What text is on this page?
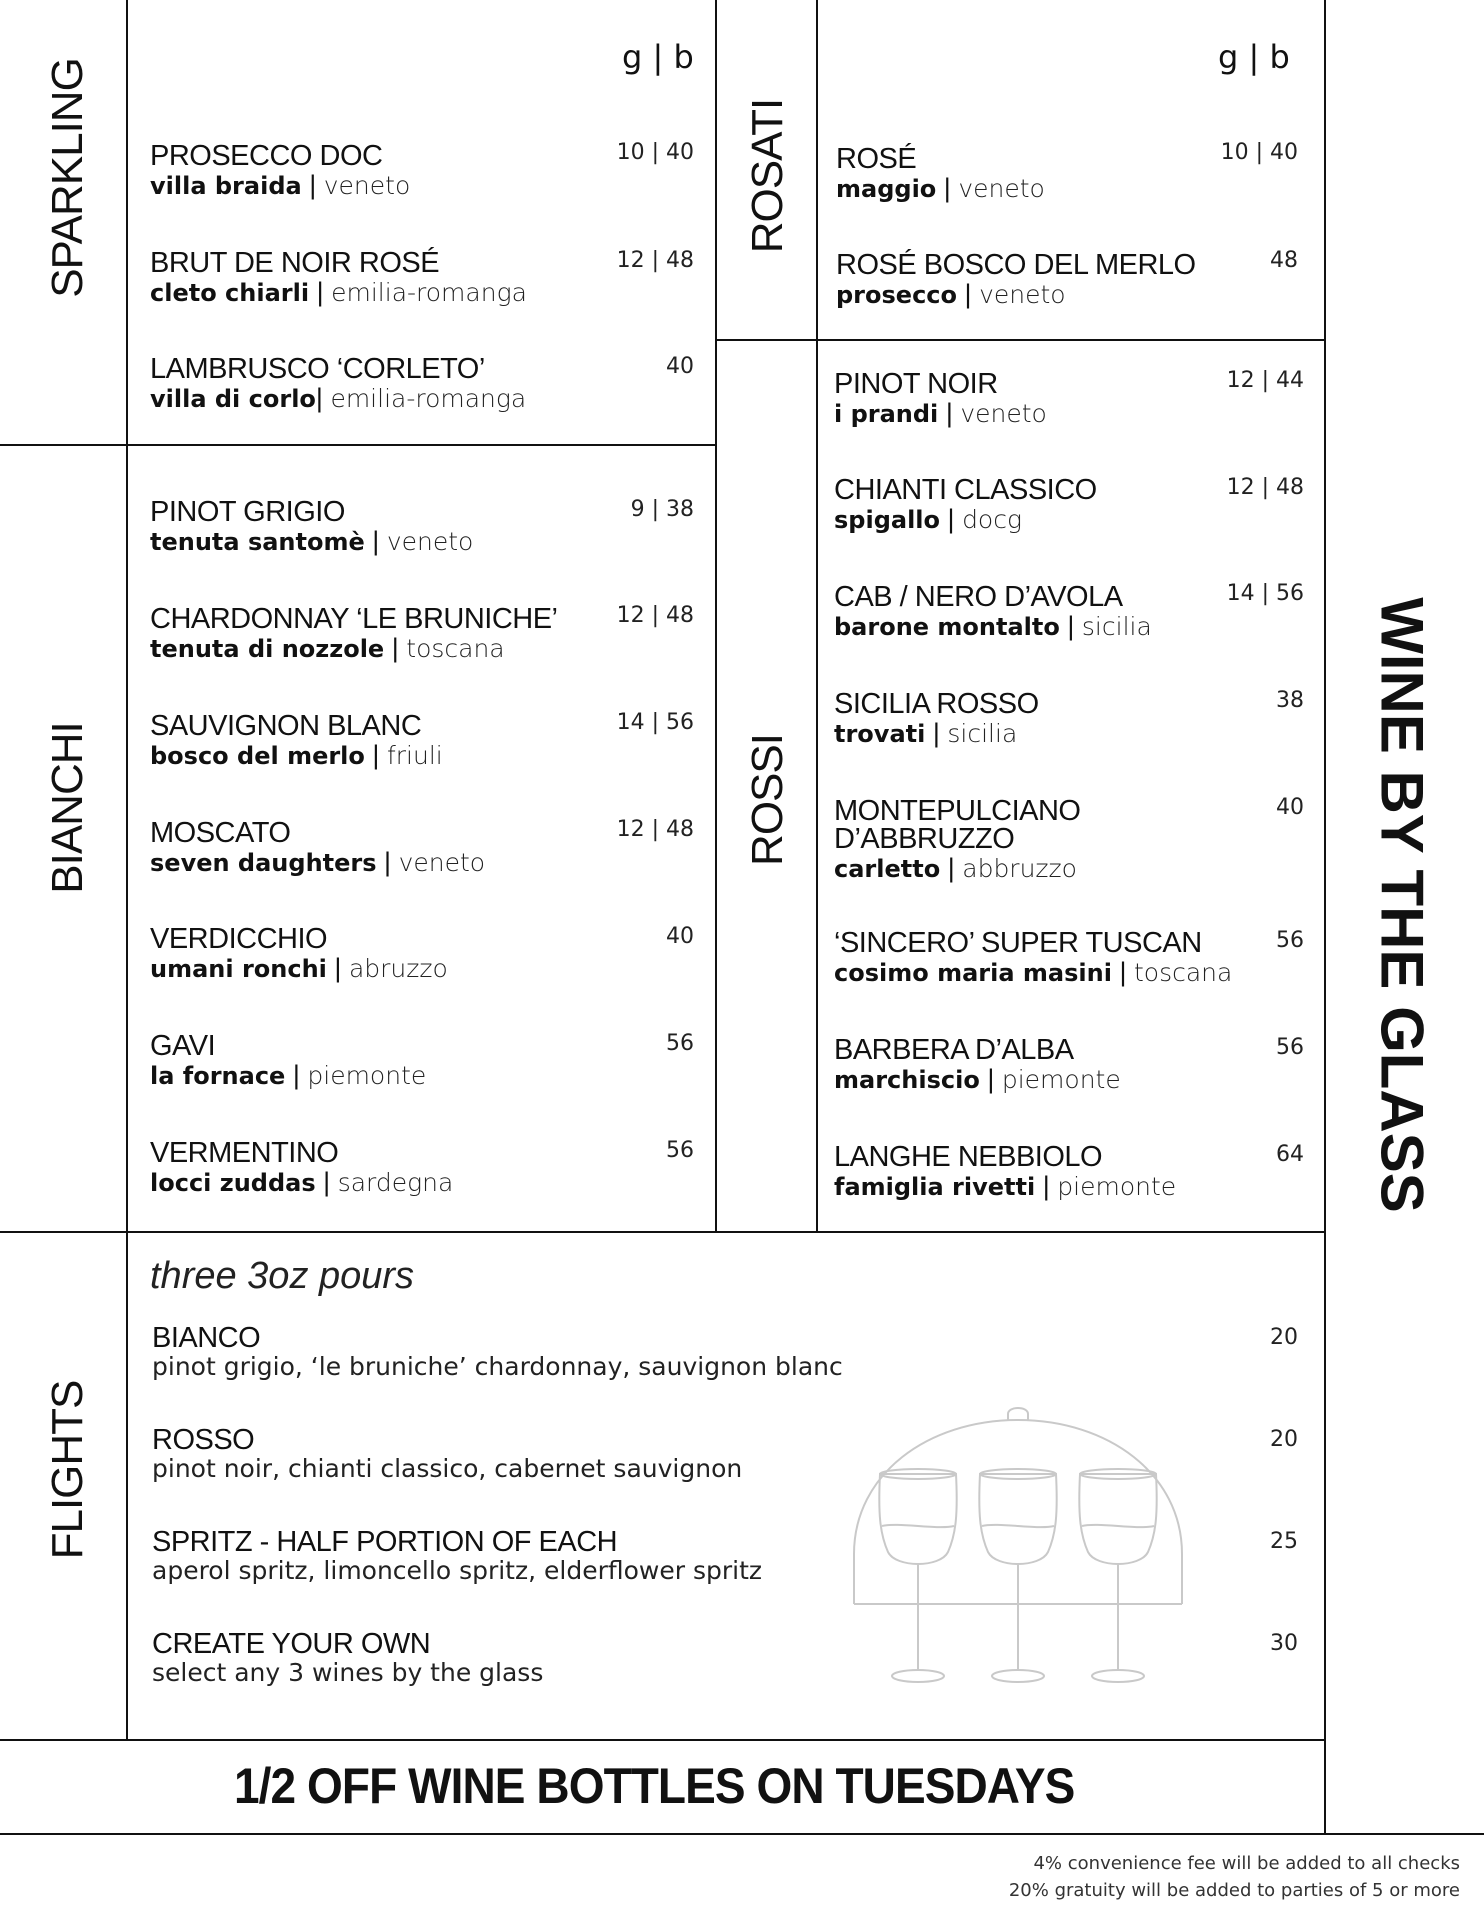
SPARKLING
BIANCHI
ROSATI
ROSSI
FLIGHTS
WINE BY THE GLASS
g | b	g | b
PROSECCO DOC
villa braida | veneto
10 | 40
BRUT DE NOIR ROSÉ
cleto chiarli | emilia-romanga
12 | 48
LAMBRUSCO ‘CORLETO’
villa di corlo| emilia-romanga
40
PINOT GRIGIO
tenuta santomè | veneto
9 | 38
CHARDONNAY ‘LE BRUNICHE’
tenuta di nozzole | toscana
12 | 48
SAUVIGNON BLANC
bosco del merlo | friuli
14 | 56
MOSCATO
seven daughters | veneto
12 | 48
VERDICCHIO
umani ronchi | abruzzo
40
GAVI
la fornace | piemonte
56
VERMENTINO
locci zuddas | sardegna
56
ROSÉ
maggio | veneto
10 | 40
ROSÉ BOSCO DEL MERLO
prosecco | veneto
48
PINOT NOIR
i prandi | veneto
12 | 44
CHIANTI CLASSICO
spigallo | docg
12 | 48
CAB / NERO D’AVOLA
barone montalto | sicilia
14 | 56
SICILIA ROSSO
trovati | sicilia
38
MONTEPULCIANO
D’ABBRUZZO
carletto | abbruzzo
40
‘SINCERO’ SUPER TUSCAN
cosimo maria masini | toscana
56
BARBERA D’ALBA
marchiscio | piemonte
56
LANGHE NEBBIOLO
famiglia rivetti | piemonte
64
three 3oz pours
BIANCO
pinot grigio, ‘le bruniche’ chardonnay, sauvignon blanc
20
ROSSO
pinot noir, chianti classico, cabernet sauvignon
20
SPRITZ - HALF PORTION OF EACH
aperol spritz, limoncello spritz, elderflower spritz
25
CREATE YOUR OWN
select any 3 wines by the glass
30
1/2 OFF WINE BOTTLES ON TUESDAYS
4% convenience fee will be added to all checks
20% gratuity will be added to parties of 5 or more
